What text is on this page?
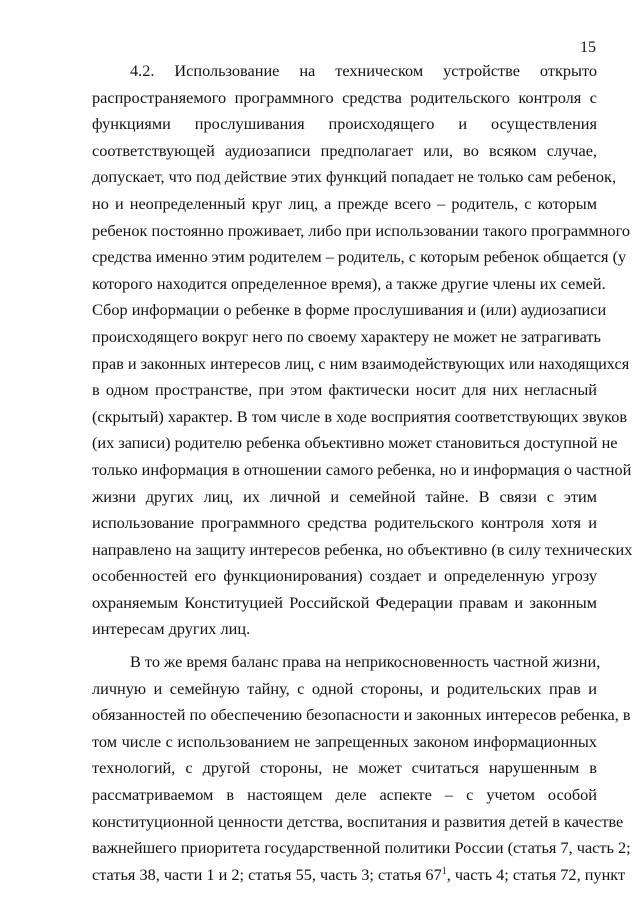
15
4.2. Использование на техническом устройстве открыто
распространяемого программного средства родительского контроля с
функциями прослушивания происходящего и осуществления
соответствующей аудиозаписи предполагает или, во всяком случае,
допускает, что под действие этих функций попадает не только сам ребенок,
но и неопределенный круг лиц, а прежде всего – родитель, с которым
ребенок постоянно проживает, либо при использовании такого программного
средства именно этим родителем – родитель, с которым ребенок общается (у
которого находится определенное время), а также другие члены их семей.
Сбор информации о ребенке в форме прослушивания и (или) аудиозаписи
происходящего вокруг него по своему характеру не может не затрагивать
прав и законных интересов лиц, с ним взаимодействующих или находящихся
в одном пространстве, при этом фактически носит для них негласный
(скрытый) характер. В том числе в ходе восприятия соответствующих звуков
(их записи) родителю ребенка объективно может становиться доступной не
только информация в отношении самого ребенка, но и информация о частной
жизни других лиц, их личной и семейной тайне. В связи с этим
использование программного средства родительского контроля хотя и
направлено на защиту интересов ребенка, но объективно (в силу технических
особенностей его функционирования) создает и определенную угрозу
охраняемым Конституцией Российской Федерации правам и законным
интересам других лиц.
В то же время баланс права на неприкосновенность частной жизни,
личную и семейную тайну, с одной стороны, и родительских прав и
обязанностей по обеспечению безопасности и законных интересов ребенка, в
том числе с использованием не запрещенных законом информационных
технологий, с другой стороны, не может считаться нарушенным в
рассматриваемом в настоящем деле аспекте – с учетом особой
конституционной ценности детства, воспитания и развития детей в качестве
важнейшего приоритета государственной политики России (статья 7, часть 2;
статья 38, части 1 и 2; статья 55, часть 3; статья $67^1$, часть 4; статья 72, пункт
